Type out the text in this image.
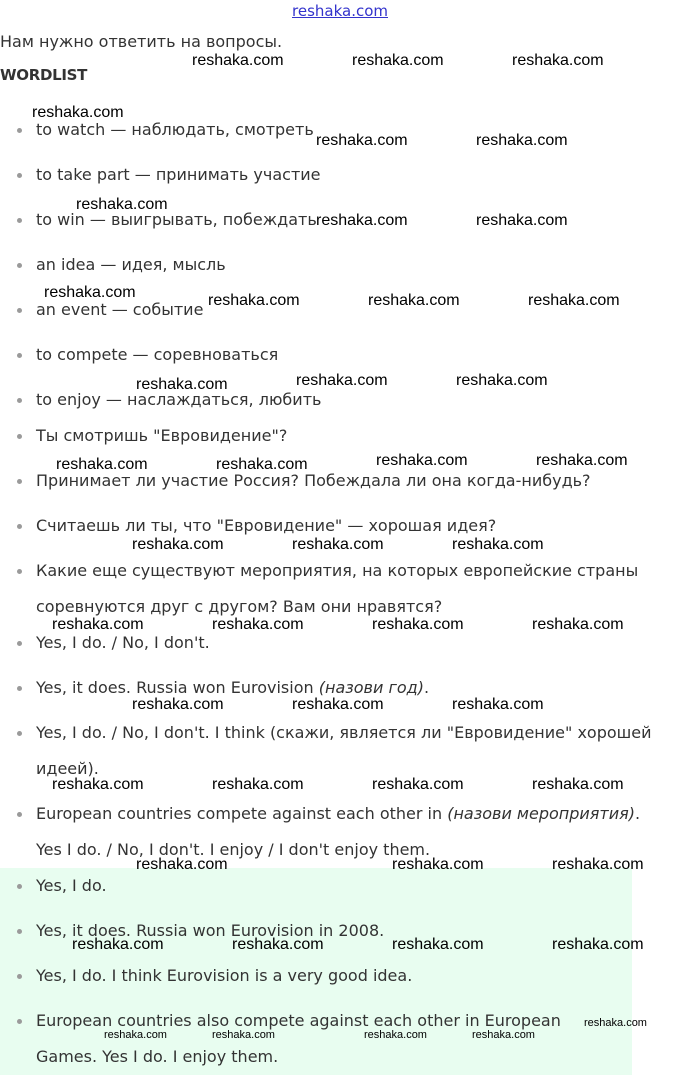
reshaka.com
Нам нужно ответить на вопросы.
WORDLIST
to watch — наблюдать, смотреть
to take part — принимать участие
to win — выигрывать, побеждать
an idea — идея, мысль
an event — событие
to compete — соревноваться
to enjoy — наслаждаться, любить
Ты смотришь "Евровидение"?
Принимает ли участие Россия? Побеждала ли она когда-нибудь?
Считаешь ли ты, что "Евровидение" — хорошая идея?
Какие еще существуют мероприятия, на которых европейские страны
соревнуются друг с другом? Вам они нравятся?
Yes, I do. / No, I don't.
Yes, it does. Russia won Eurovision (назови год).
Yes, I do. / No, I don't. I think (скажи, является ли "Евровидение" хорошей
идеей).
European countries compete against each other in (назови мероприятия).
Yes I do. / No, I don't. I enjoy / I don't enjoy them.
Yes, I do.
Yes, it does. Russia won Eurovision in 2008.
Yes, I do. I think Eurovision is a very good idea.
European countries also compete against each other in European
Games. Yes I do. I enjoy them.
reshaka.com	reshaka.com	reshaka.com
reshaka.com
reshaka.com	reshaka.com
reshaka.com
reshaka.com	reshaka.com
reshaka.com	reshaka.com	reshaka.com	reshaka.com
reshaka.com	reshaka.com	reshaka.com
reshaka.com	reshaka.com	reshaka.com	reshaka.com
reshaka.com	reshaka.com	reshaka.com
reshaka.com	reshaka.com	reshaka.com	reshaka.com
reshaka.com	reshaka.com	reshaka.com
reshaka.com	reshaka.com	reshaka.com	reshaka.com
reshaka.com	reshaka.com	reshaka.com
reshaka.com	reshaka.com	reshaka.com	reshaka.com
reshaka.com
reshaka.com	reshaka.com	reshaka.com	reshaka.com
